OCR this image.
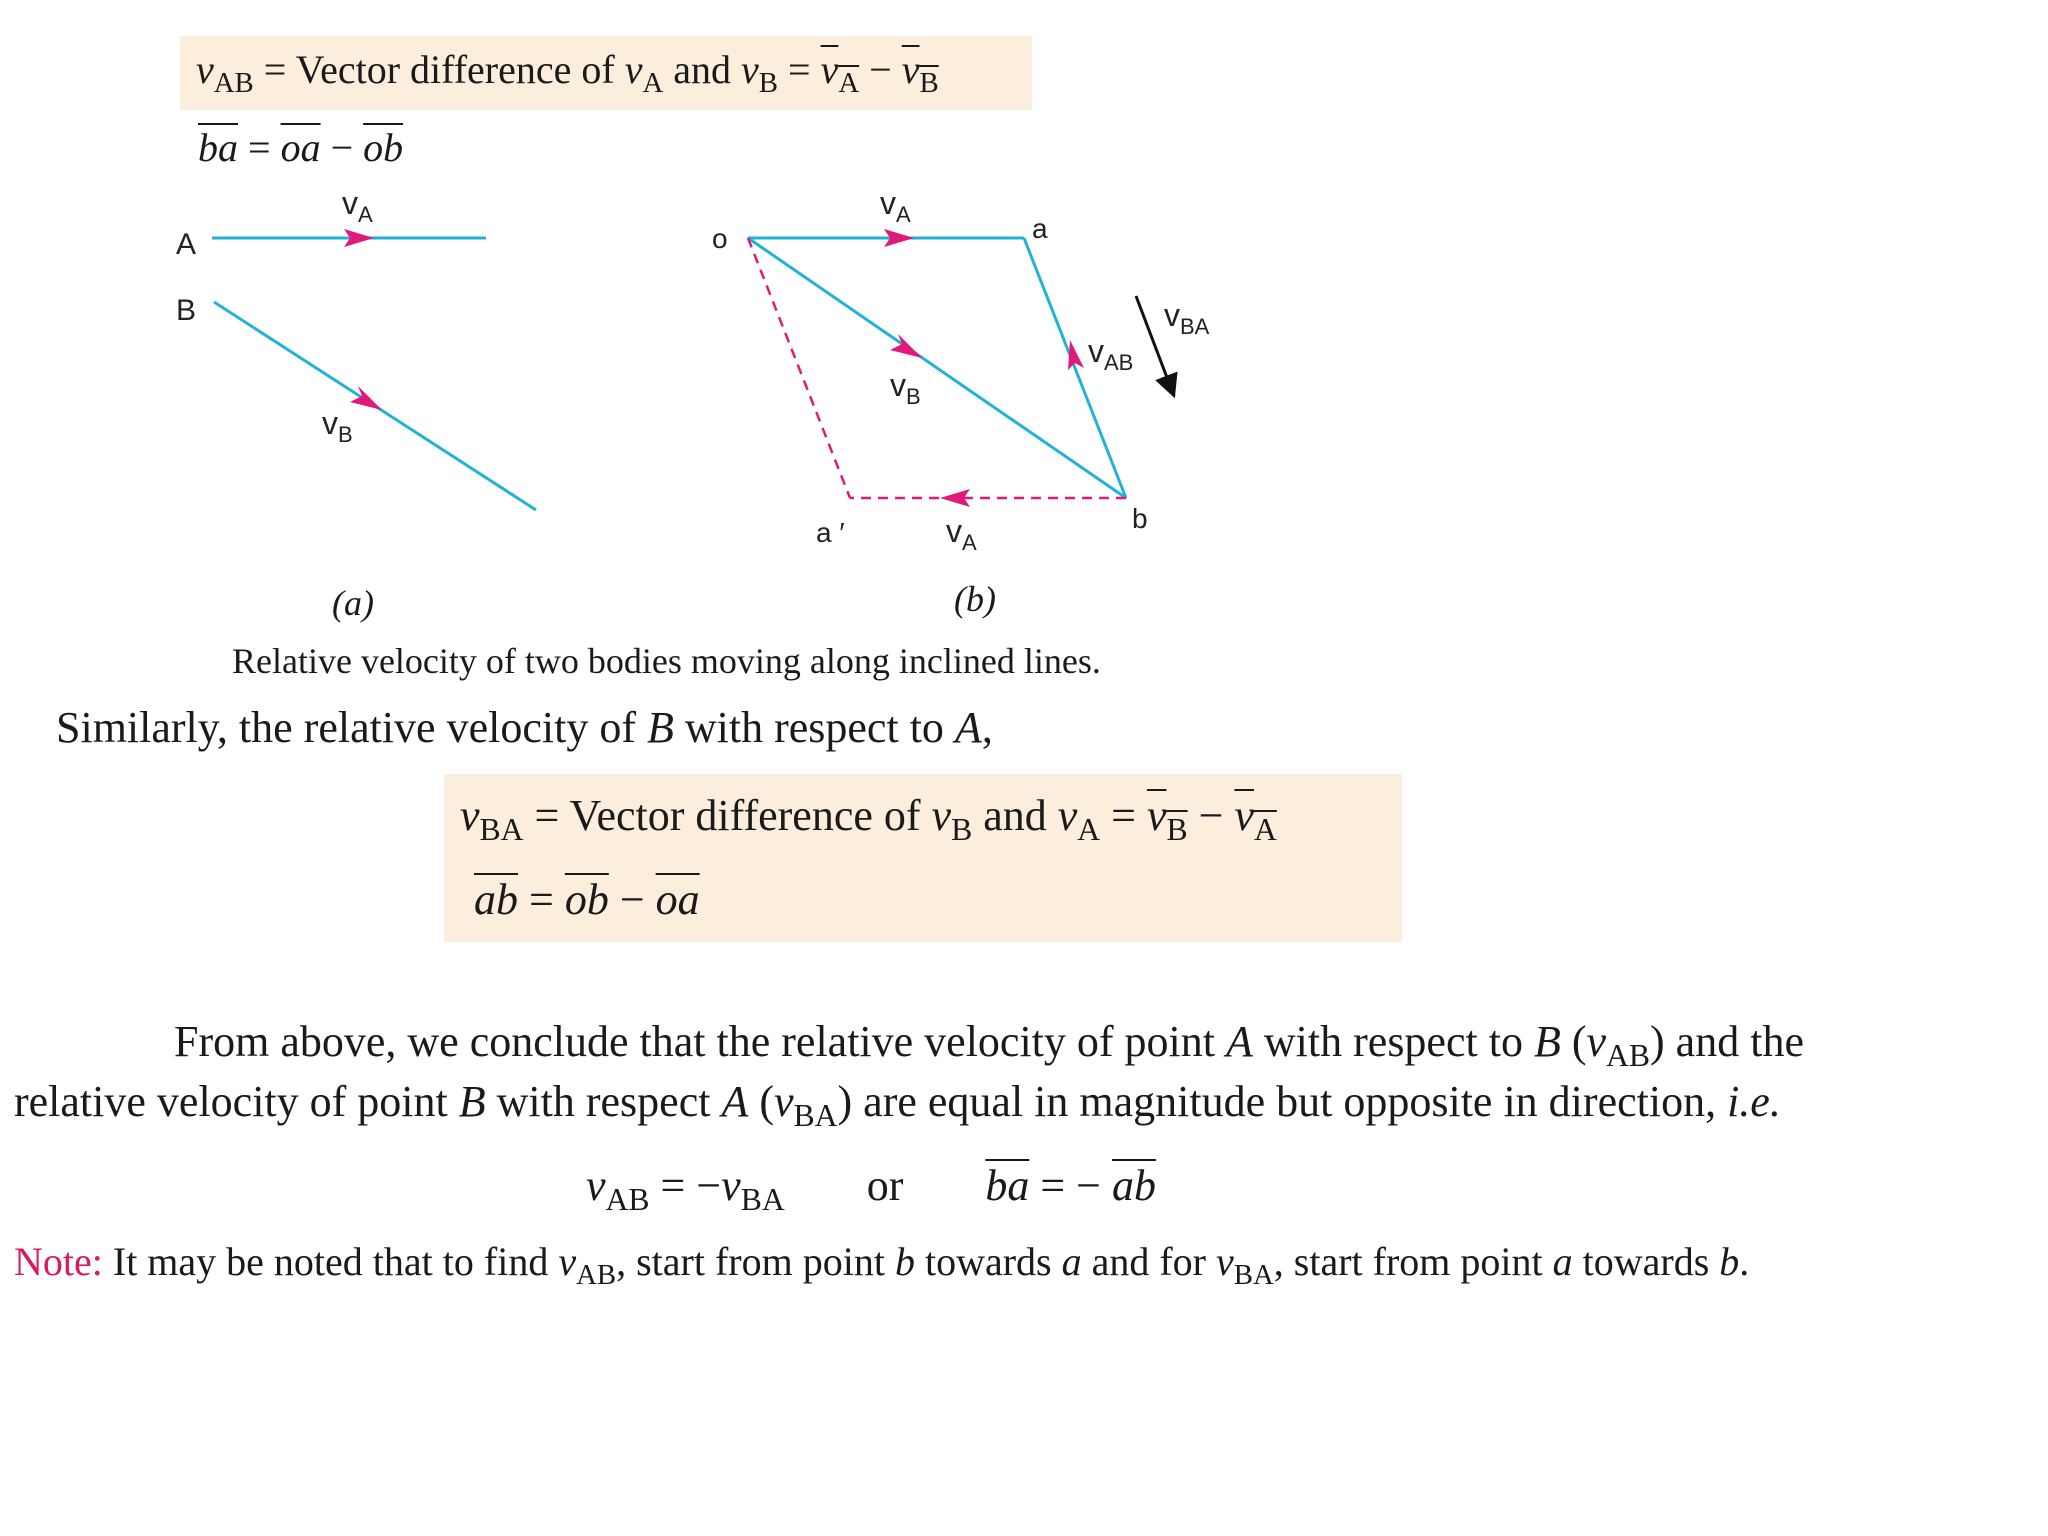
$v_{AB}$ = Vector difference of $v_A$ and $v_B = v_A - v_B$
$\overline{ba} = \overline{oa} - \overline{ob}$
A
B
$v_A$
$v_B$
o	a
b
a ′
$v_A$
$v_B$
$v_{AB}$
$v_{BA}$
$v_A$
(a)	(b)
Relative velocity of two bodies moving along inclined lines.
Similarly, the relative velocity of B with respect to A,
$v_{BA}$ = Vector difference of $v_B$ and $v_A = v_B - v_A$
$\overline{ab} = \overline{ob} - \overline{oa}$
From above, we conclude that the relative velocity of point A with respect to B $(v_{AB})$ and the
relative velocity of point B with respect A $(v_{BA})$ are equal in magnitude but opposite in direction, i.e.
$v_{AB} = -v_{BA}$ or $\overline{ba}$ = − $\overline{ab}$
Note: It may be noted that to find $v_{AB}$, start from point b towards a and for $v_{BA}$, start from point a towards b.
